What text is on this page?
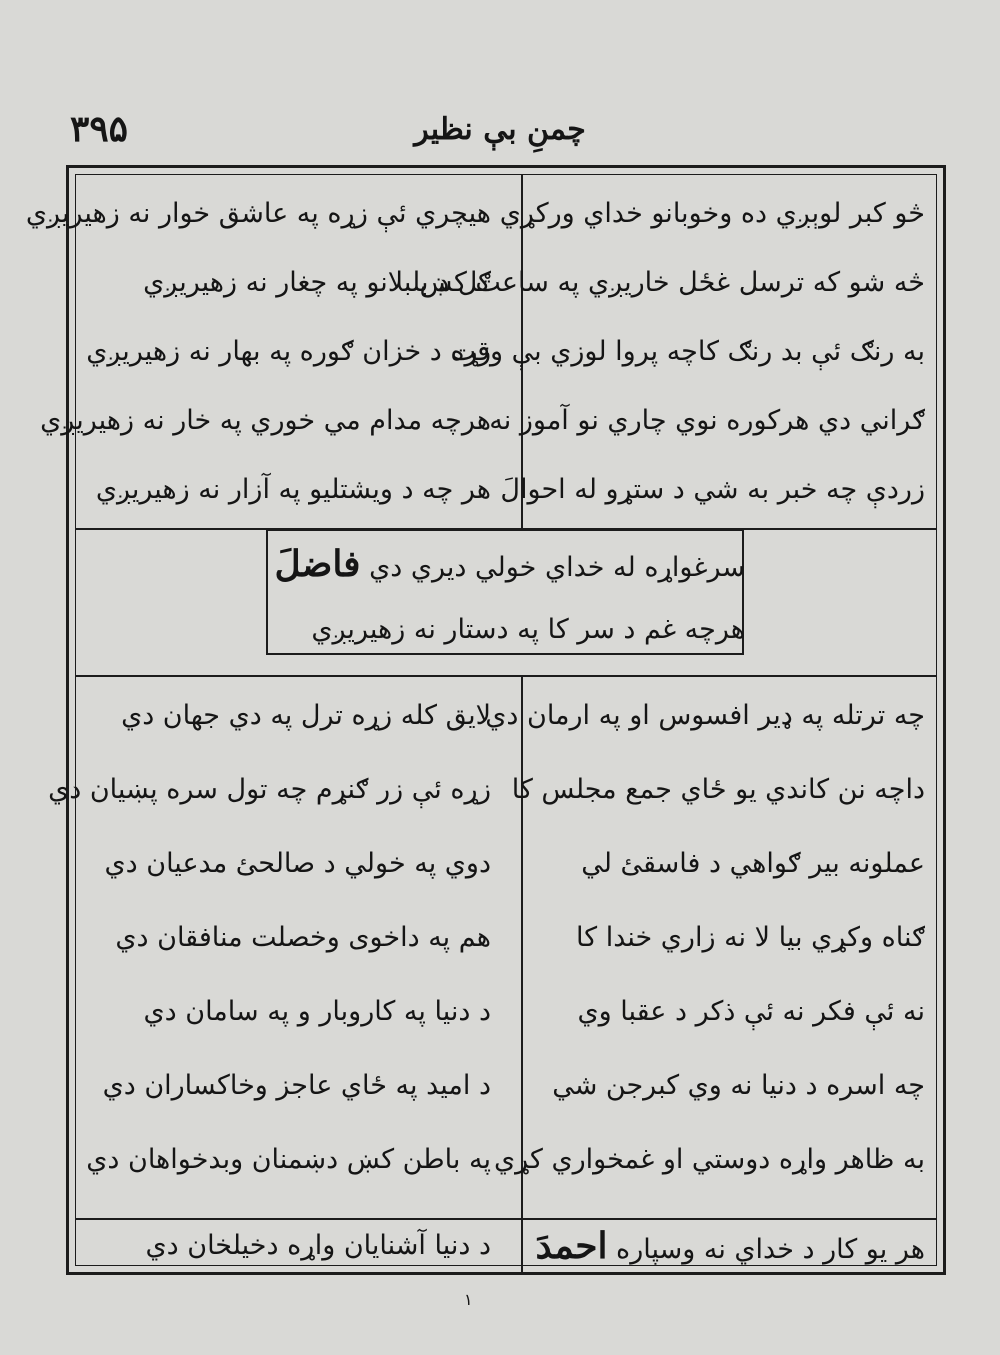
۳۹۵	چمنِ بې نظير
سرغواړه له خداي خولي ديري دي فاضلَ
هرچه غم د سر کا په دستار نه زهيريږي
څو کبر لوېږي ده وخوبانو خداي وركړي
څه شو که ترسل غځل خاريږي په ساعت كښ
به رنګ ئې بد رنګ کاچه پروا لوزي بې وقت
ګراني دي هرکوره نوي چاري نو آموز نه
زردې چه خبر به شي د ستړو له احوالَ
هیچري ئې زړه په عاشق خوار نه زهيريږي
ګل د بلبلانو په چغار نه زهيريږي
زړه د خزان ګوره په بهار نه زهيريږي
هرچه مدام مي خوري په خار نه زهيريږي
هر چه د ويشتليو په آزار نه زهيريږي
چه ترتله په ډير افسوس او په ارمان دي
داچه نن کاندي يو ځاي جمع مجلس کا
عملونه بير ګواهي د فاسقئ لي
ګناه وکړي بيا لا نه زاري خندا کا
نه ئې فکر نه ئې ذکر د عقبا وي
چه اسره د دنيا نه وي کبرجن شي
به ظاهر واړه دوستي او غمخواري کړي
لايق کله زړه ترل په دي جهان دي
زړه ئې زر ګنړم چه تول سره پښيان دي
دوي په خولي د صالحئ مدعيان دي
هم په داخوى وخصلت منافقان دي
د دنيا په کاروبار و په سامان دي
د اميد په ځاي عاجز وخاکساران دي
په باطن کښ دښمنان وبدخواهان دي
هر يو کار د خداي نه وسپاره احمدَ
د دنيا آشنايان واړه دخيلخان دي
١
